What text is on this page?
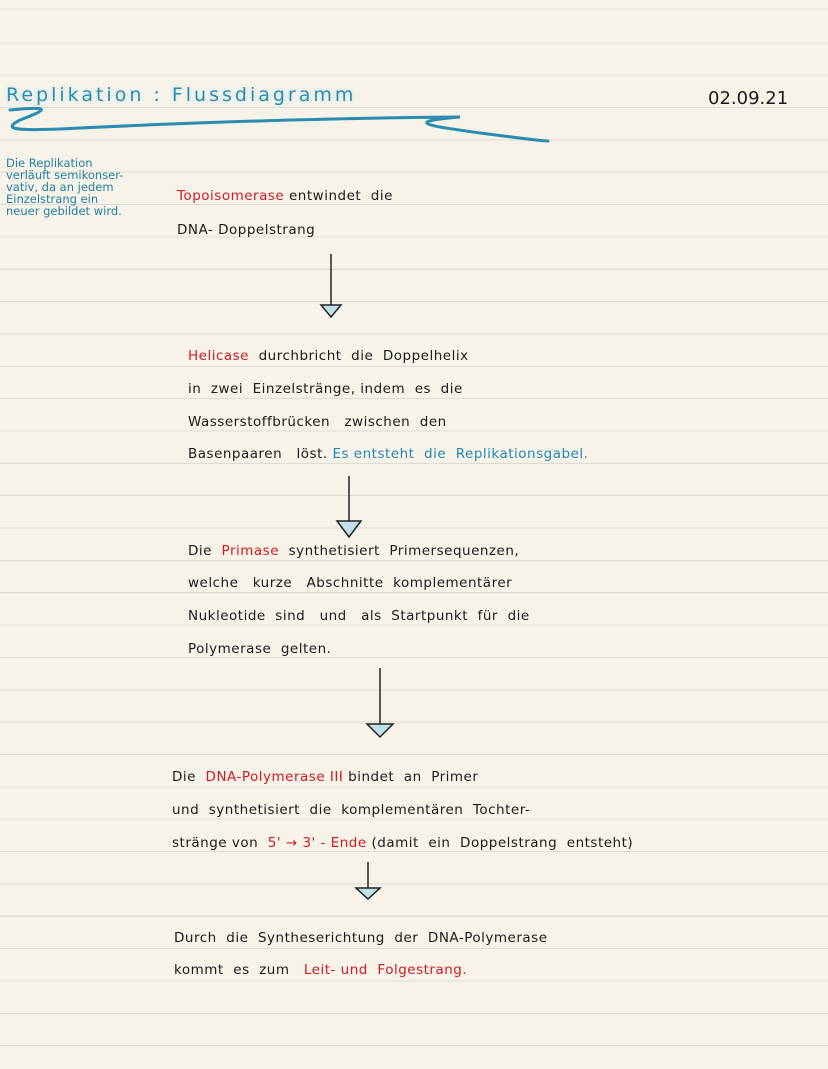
Replikation : Flussdiagramm	02.09.21
Die Replikation
verläuft semikonser-
vativ, da an jedem
Einzelstrang ein
neuer gebildet wird.
Topoisomerase entwindet  die
DNA- Doppelstrang
Helicase  durchbricht  die  Doppelhelix
in  zwei  Einzelstränge, indem  es  die
Wasserstoffbrücken   zwischen  den
Basenpaaren   löst. Es entsteht  die  Replikationsgabel.
Die  Primase  synthetisiert  Primersequenzen,
welche   kurze   Abschnitte  komplementärer
Nukleotide  sind   und   als  Startpunkt  für  die
Polymerase  gelten.
Die  DNA-Polymerase III bindet  an  Primer
und  synthetisiert  die  komplementären  Tochter-
stränge von  5' → 3' - Ende (damit  ein  Doppelstrang  entsteht)
Durch  die  Syntheserichtung  der  DNA-Polymerase
kommt  es  zum   Leit- und  Folgestrang.
